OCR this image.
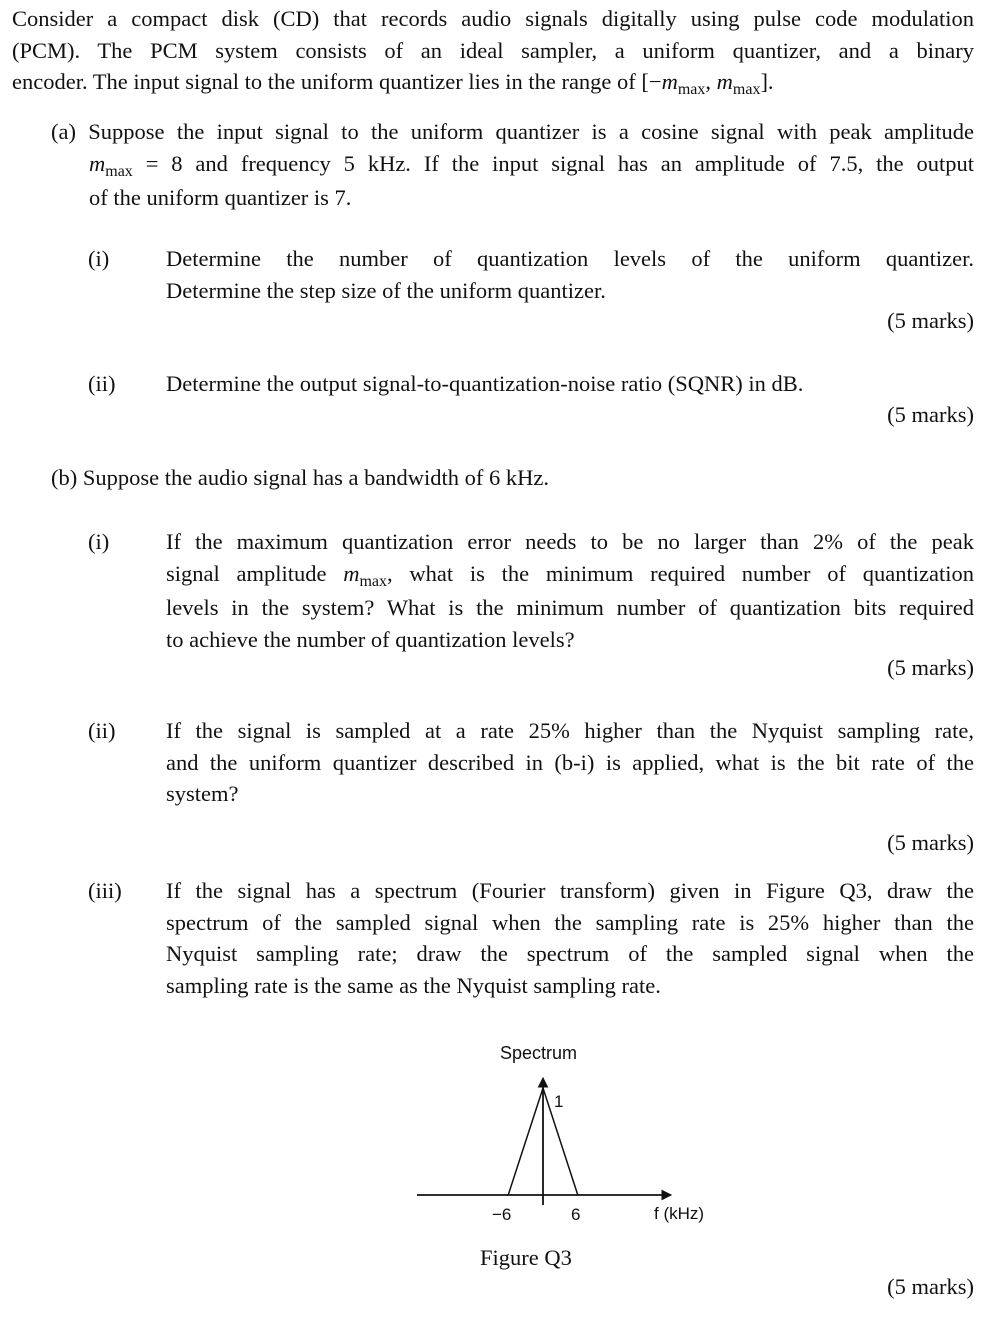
Consider a compact disk (CD) that records audio signals digitally using pulse code modulation
(PCM). The PCM system consists of an ideal sampler, a uniform quantizer, and a binary
encoder. The input signal to the uniform quantizer lies in the range of [$-m_{max}$, $m_{max}$].
(a) Suppose the input signal to the uniform quantizer is a cosine signal with peak amplitude
$m_{max} = 8$ and frequency 5 kHz. If the input signal has an amplitude of 7.5, the output
of the uniform quantizer is 7.
(i)	Determine the number of quantization levels of the uniform quantizer.
Determine the step size of the uniform quantizer.
(5 marks)
(ii) Determine the output signal-to-quantization-noise ratio (SQNR) in dB.
(5 marks)
(b) Suppose the audio signal has a bandwidth of 6 kHz.
(i)	If the maximum quantization error needs to be no larger than 2% of the peak
signal amplitude $m_{max}$, what is the minimum required number of quantization
levels in the system? What is the minimum number of quantization bits required
to achieve the number of quantization levels?
(5 marks)
(ii) If the signal is sampled at a rate 25% higher than the Nyquist sampling rate,
and the uniform quantizer described in (b-i) is applied, what is the bit rate of the
system?
(5 marks)
(iii) If the signal has a spectrum (Fourier transform) given in Figure Q3, draw the
spectrum of the sampled signal when the sampling rate is 25% higher than the
Nyquist sampling rate; draw the spectrum of the sampled signal when the
sampling rate is the same as the Nyquist sampling rate.
Spectrum
1
−6	6	f (kHz)
Figure Q3
(5 marks)
